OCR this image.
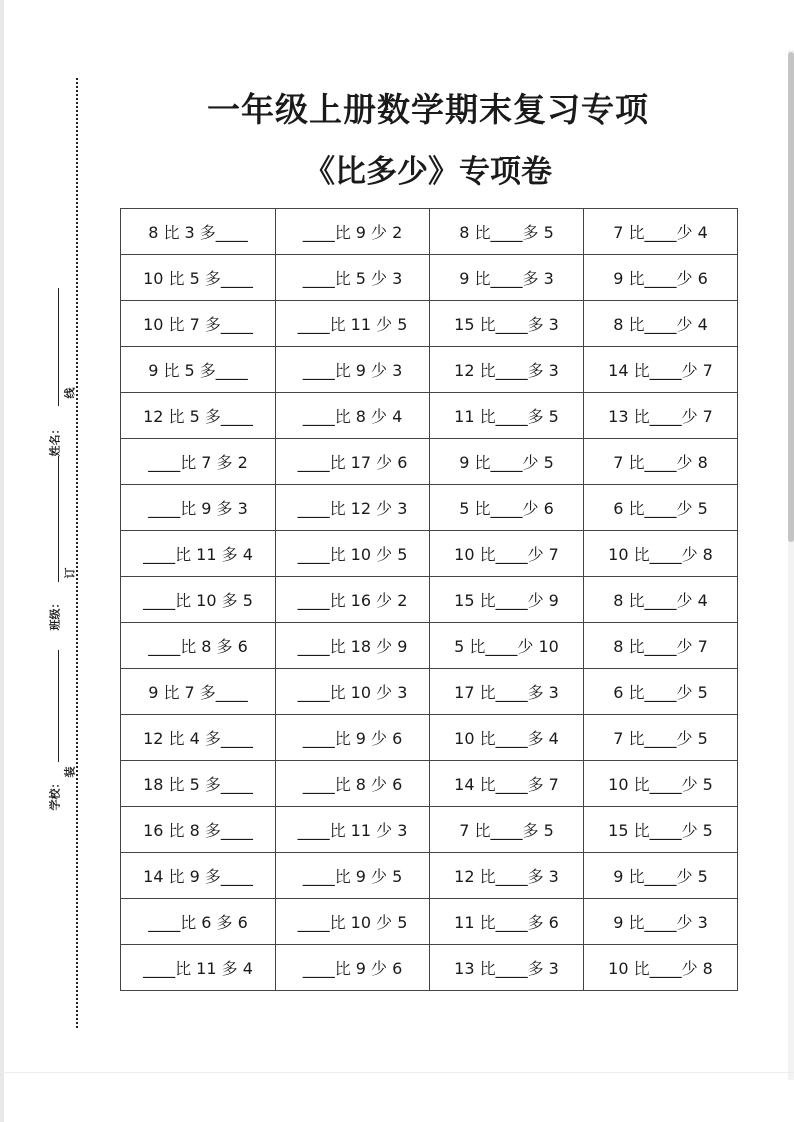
姓名：
线
班级：
订
学校：
装
一年级上册数学期末复习专项
《比多少》专项卷
8 比 3 多____	____比 9 少 2	8 比____多 5	7 比____少 4
10 比 5 多____	____比 5 少 3	9 比____多 3	9 比____少 6
10 比 7 多____	____比 11 少 5	15 比____多 3	8 比____少 4
9 比 5 多____	____比 9 少 3	12 比____多 3	14 比____少 7
12 比 5 多____	____比 8 少 4	11 比____多 5	13 比____少 7
____比 7 多 2	____比 17 少 6	9 比____少 5	7 比____少 8
____比 9 多 3	____比 12 少 3	5 比____少 6	6 比____少 5
____比 11 多 4	____比 10 少 5	10 比____少 7	10 比____少 8
____比 10 多 5	____比 16 少 2	15 比____少 9	8 比____少 4
____比 8 多 6	____比 18 少 9	5 比____少 10	8 比____少 7
9 比 7 多____	____比 10 少 3	17 比____多 3	6 比____少 5
12 比 4 多____	____比 9 少 6	10 比____多 4	7 比____少 5
18 比 5 多____	____比 8 少 6	14 比____多 7	10 比____少 5
16 比 8 多____	____比 11 少 3	7 比____多 5	15 比____少 5
14 比 9 多____	____比 9 少 5	12 比____多 3	9 比____少 5
____比 6 多 6	____比 10 少 5	11 比____多 6	9 比____少 3
____比 11 多 4	____比 9 少 6	13 比____多 3	10 比____少 8
